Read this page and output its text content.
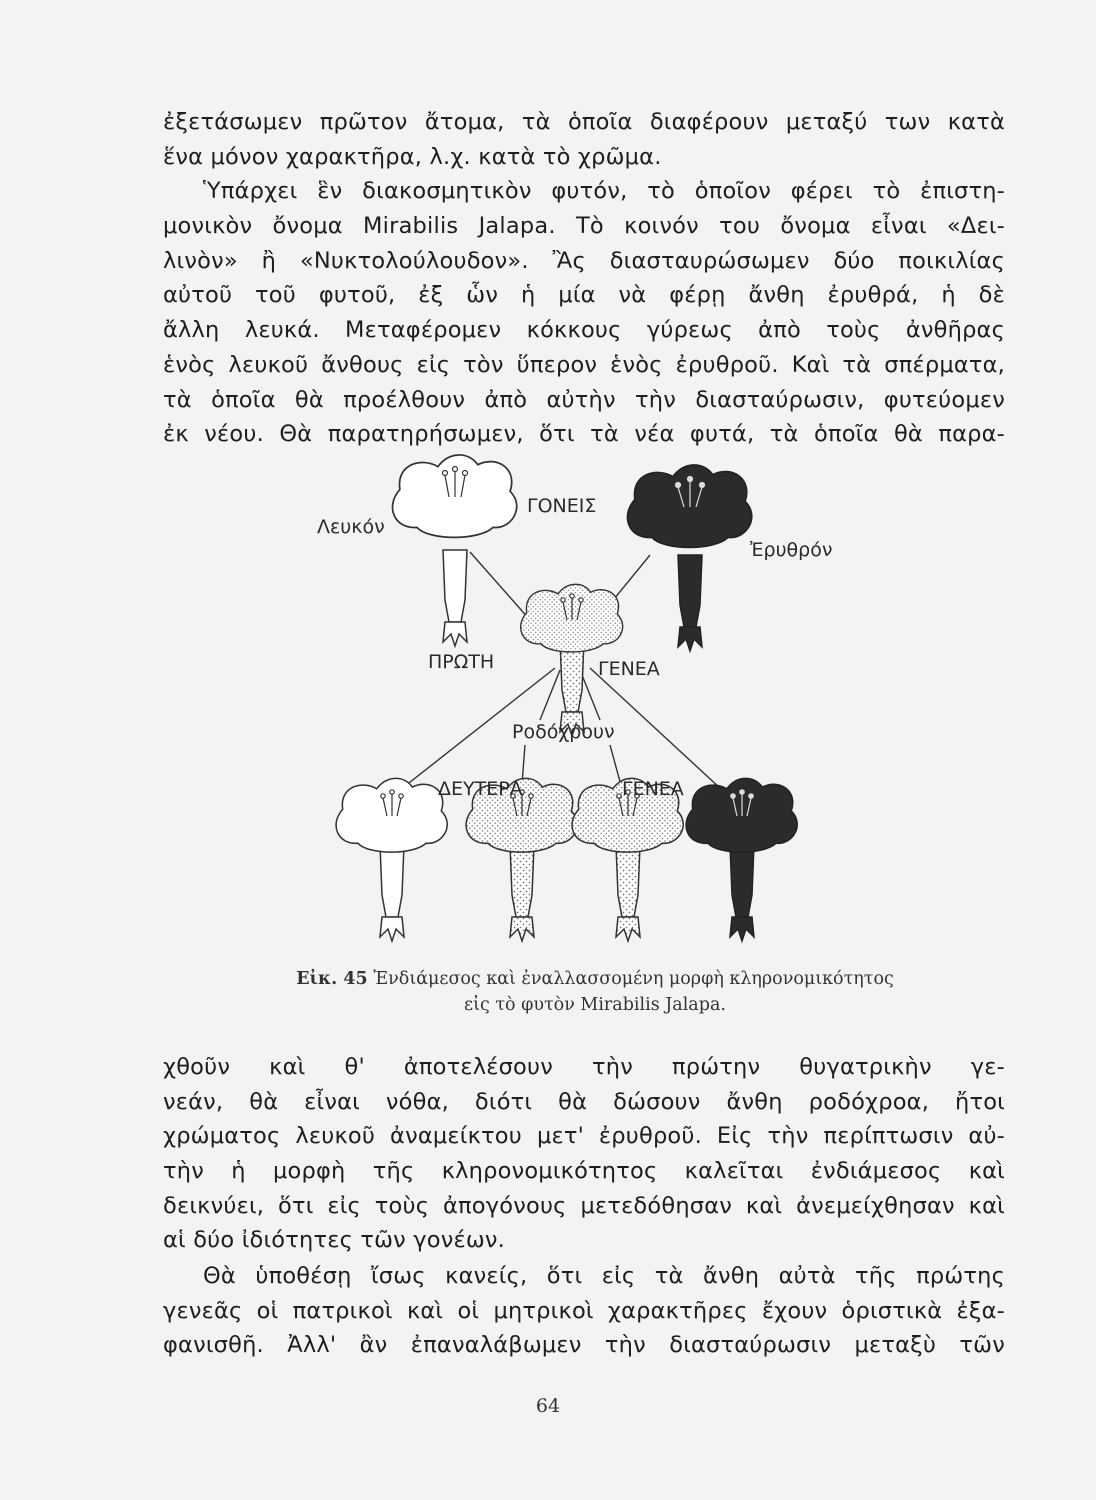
ἐξετάσωμεν πρῶτον ἄτομα, τὰ ὁποῖα διαφέρουν μεταξύ των κατὰ
ἕνα μόνον χαρακτῆρα, λ.χ. κατὰ τὸ χρῶμα.
Ὑπάρχει ἓν διακοσμητικὸν φυτόν, τὸ ὁποῖον φέρει τὸ ἐπιστη-
μονικὸν ὄνομα Mirabilis Jalapa. Τὸ κοινόν του ὄνομα εἶναι «Δει-
λινὸν» ἢ «Νυκτολούλουδον». Ἂς διασταυρώσωμεν δύο ποικιλίας
αὐτοῦ τοῦ φυτοῦ, ἐξ ὧν ἡ μία νὰ φέρῃ ἄνθη ἐρυθρά, ἡ δὲ
ἄλλη λευκά. Μεταφέρομεν κόκκους γύρεως ἀπὸ τοὺς ἀνθῆρας
ἑνὸς λευκοῦ ἄνθους εἰς τὸν ὕπερον ἑνὸς ἐρυθροῦ. Καὶ τὰ σπέρματα,
τὰ ὁποῖα θὰ προέλθουν ἀπὸ αὐτὴν τὴν διασταύρωσιν, φυτεύομεν
ἐκ νέου. Θὰ παρατηρήσωμεν, ὅτι τὰ νέα φυτά, τὰ ὁποῖα θὰ παρα-
ΓΟΝΕΙΣ
Λευκόν
Ἐρυθρόν
ΠΡΩΤΗ	ΓΕΝΕΑ
Ροδόχρουν
ΔΕΥΤΕΡΑ	ΓΕΝΕΑ
Εἰκ. 45 Ἐνδιάμεσος καὶ ἐναλλασσομένη μορφὴ κληρονομικότητος
εἰς τὸ φυτὸν Mirabilis Jalapa.
χθοῦν καὶ θ' ἀποτελέσουν τὴν πρώτην θυγατρικὴν γε-
νεάν, θὰ εἶναι νόθα, διότι θὰ δώσουν ἄνθη ροδόχροα, ἤτοι
χρώματος λευκοῦ ἀναμείκτου μετ' ἐρυθροῦ. Εἰς τὴν περίπτωσιν αὐ-
τὴν ἡ μορφὴ τῆς κληρονομικότητος καλεῖται ἐνδιάμεσος καὶ
δεικνύει, ὅτι εἰς τοὺς ἀπογόνους μετεδόθησαν καὶ ἀνεμείχθησαν καὶ
αἱ δύο ἰδιότητες τῶν γονέων.
Θὰ ὑποθέσῃ ἴσως κανείς, ὅτι εἰς τὰ ἄνθη αὐτὰ τῆς πρώτης
γενεᾶς οἱ πατρικοὶ καὶ οἱ μητρικοὶ χαρακτῆρες ἔχουν ὁριστικὰ ἐξα-
φανισθῆ. Ἀλλ' ἂν ἐπαναλάβωμεν τὴν διασταύρωσιν μεταξὺ τῶν
64
